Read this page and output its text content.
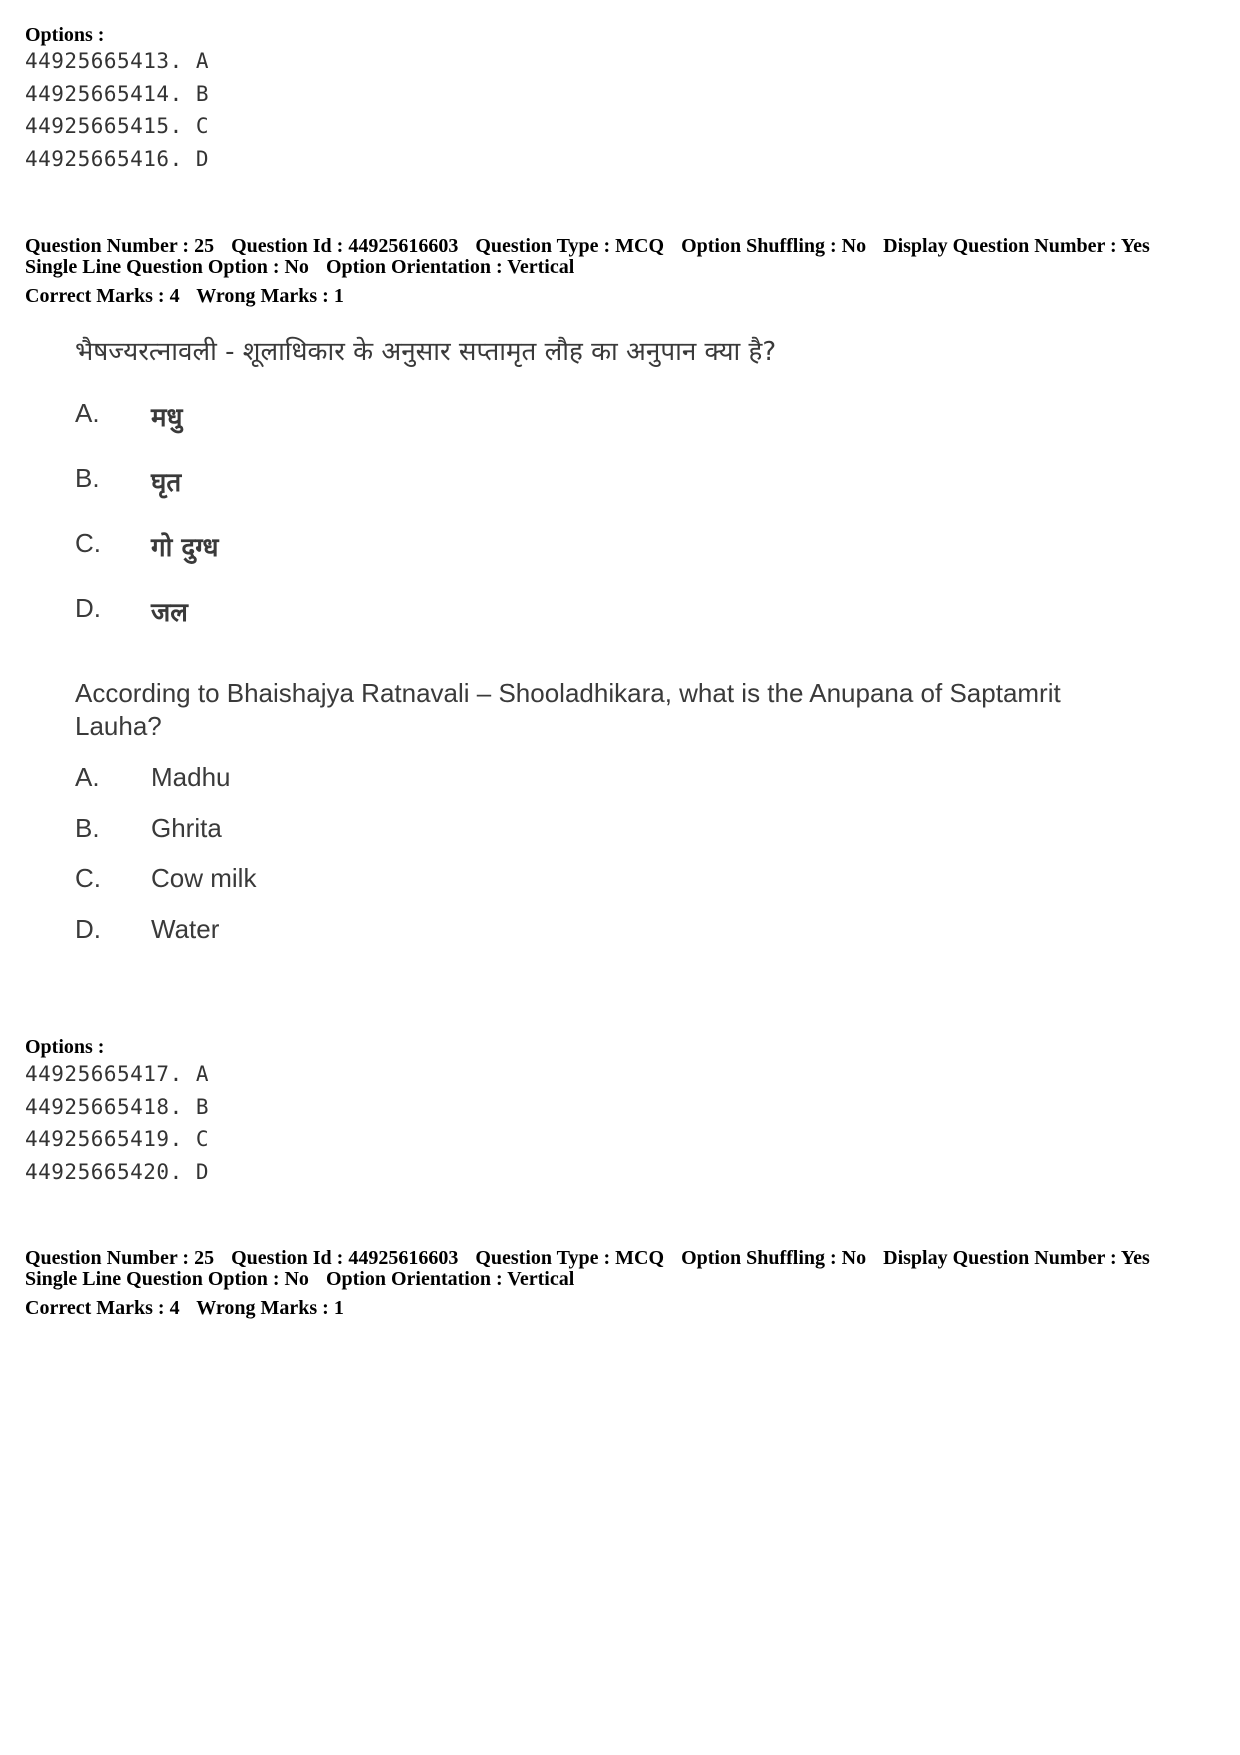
Options :
44925665413. A
44925665414. B
44925665415. C
44925665416. D
Question Number : 25 Question Id : 44925616603 Question Type : MCQ Option Shuffling : No Display Question Number : Yes
Single Line Question Option : No Option Orientation : Vertical
Correct Marks : 4 Wrong Marks : 1
भैषज्यरत्नावली - शूलाधिकार के अनुसार सप्तामृत लौह का अनुपान क्या है?
A. मधु
B. घृत
C. गो दुग्ध
D. जल
According to Bhaishajya Ratnavali – Shooladhikara, what is the Anupana of Saptamrit Lauha?
A. Madhu
B. Ghrita
C. Cow milk
D. Water
Options :
44925665417. A
44925665418. B
44925665419. C
44925665420. D
Question Number : 25 Question Id : 44925616603 Question Type : MCQ Option Shuffling : No Display Question Number : Yes
Single Line Question Option : No Option Orientation : Vertical
Correct Marks : 4 Wrong Marks : 1
